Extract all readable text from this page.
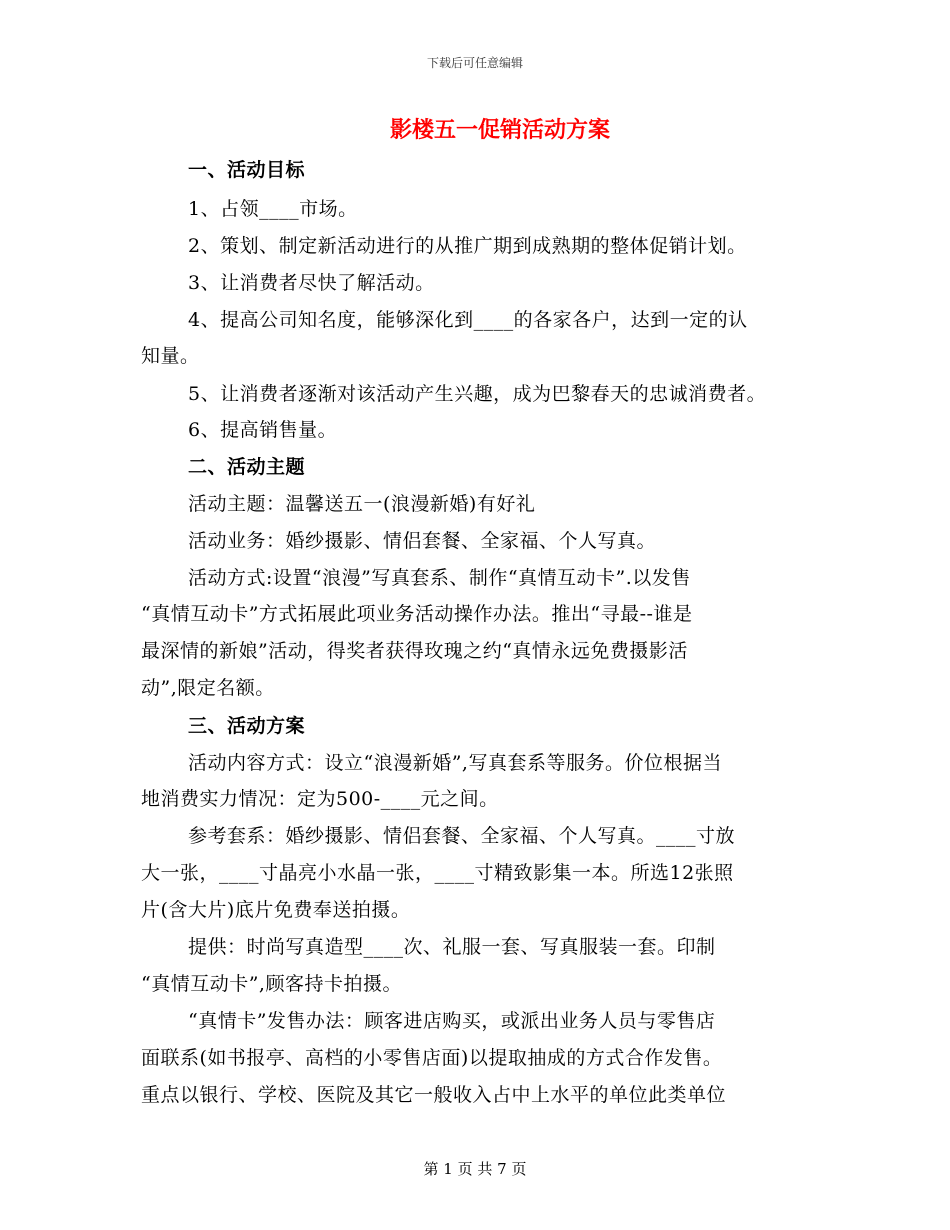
下载后可任意编辑
影楼五一促销活动方案
一、活动目标
1、占领____市场。
2、策划、制定新活动进行的从推广期到成熟期的整体促销计划。
3、让消费者尽快了解活动。
4、提高公司知名度，能够深化到____的各家各户，达到一定的认
知量。
5、让消费者逐渐对该活动产生兴趣，成为巴黎春天的忠诚消费者。
6、提高销售量。
二、活动主题
活动主题：温馨送五一(浪漫新婚)有好礼
活动业务：婚纱摄影、情侣套餐、全家福、个人写真。
活动方式:设置“浪漫”写真套系、制作“真情互动卡”.以发售
“真情互动卡”方式拓展此项业务活动操作办法。推出“寻最--谁是
最深情的新娘”活动，得奖者获得玫瑰之约“真情永远免费摄影活
动”,限定名额。
三、活动方案
活动内容方式：设立“浪漫新婚”,写真套系等服务。价位根据当
地消费实力情况：定为500-____元之间。
参考套系：婚纱摄影、情侣套餐、全家福、个人写真。____寸放
大一张，____寸晶亮小水晶一张，____寸精致影集一本。所选12张照
片(含大片)底片免费奉送拍摄。
提供：时尚写真造型____次、礼服一套、写真服装一套。印制
“真情互动卡”,顾客持卡拍摄。
“真情卡”发售办法：顾客进店购买，或派出业务人员与零售店
面联系(如书报亭、高档的小零售店面)以提取抽成的方式合作发售。
重点以银行、学校、医院及其它一般收入占中上水平的单位此类单位
第 1 页 共 7 页
